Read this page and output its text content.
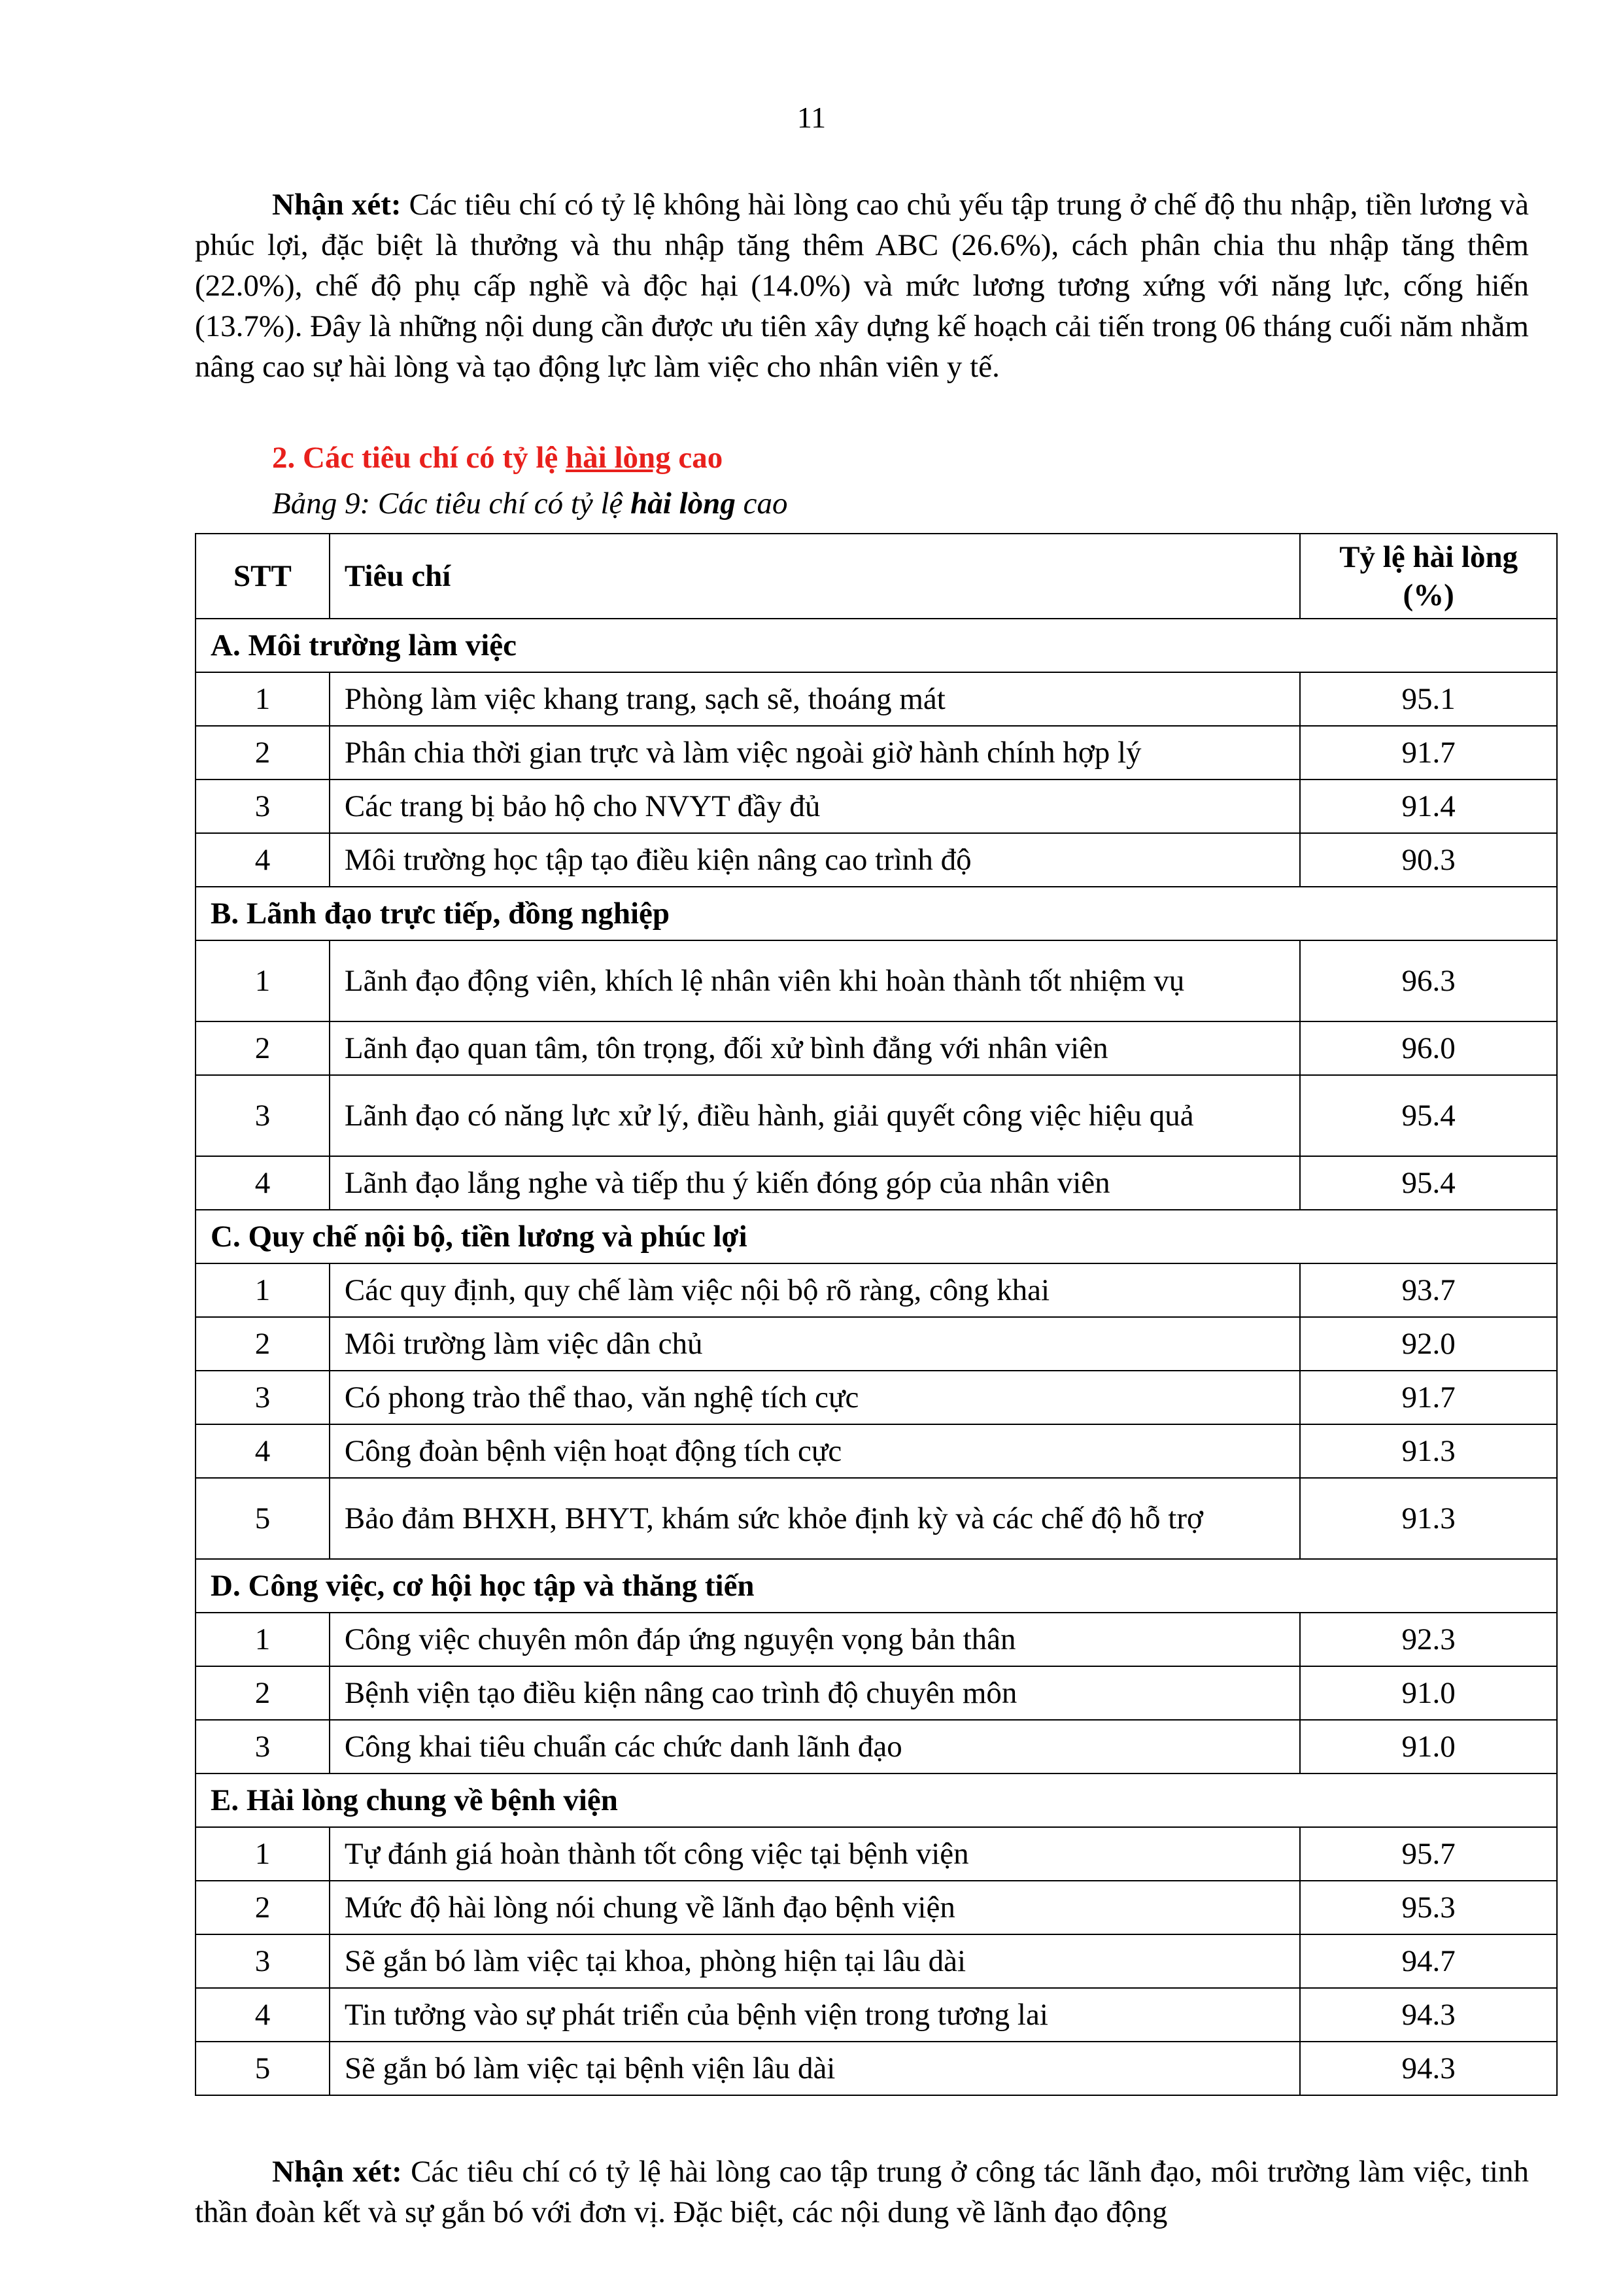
11

Nhận xét: Các tiêu chí có tỷ lệ không hài lòng cao chủ yếu tập trung ở chế độ thu nhập, tiền lương và phúc lợi, đặc biệt là thưởng và thu nhập tăng thêm ABC (26.6%), cách phân chia thu nhập tăng thêm (22.0%), chế độ phụ cấp nghề và độc hại (14.0%) và mức lương tương xứng với năng lực, cống hiến (13.7%). Đây là những nội dung cần được ưu tiên xây dựng kế hoạch cải tiến trong 06 tháng cuối năm nhằm nâng cao sự hài lòng và tạo động lực làm việc cho nhân viên y tế.

2. Các tiêu chí có tỷ lệ hài lòng cao
Bảng 9: Các tiêu chí có tỷ lệ hài lòng cao
STT	Tiêu chí	Tỷ lệ hài lòng (%)
A. Môi trường làm việc		
1	Phòng làm việc khang trang, sạch sẽ, thoáng mát	95.1
2	Phân chia thời gian trực và làm việc ngoài giờ hành chính hợp lý	91.7
3	Các trang bị bảo hộ cho NVYT đầy đủ	91.4
4	Môi trường học tập tạo điều kiện nâng cao trình độ	90.3
B. Lãnh đạo trực tiếp, đồng nghiệp		
1	Lãnh đạo động viên, khích lệ nhân viên khi hoàn thành tốt nhiệm vụ	96.3
2	Lãnh đạo quan tâm, tôn trọng, đối xử bình đẳng với nhân viên	96.0
3	Lãnh đạo có năng lực xử lý, điều hành, giải quyết công việc hiệu quả	95.4
4	Lãnh đạo lắng nghe và tiếp thu ý kiến đóng góp của nhân viên	95.4
C. Quy chế nội bộ, tiền lương và phúc lợi		
1	Các quy định, quy chế làm việc nội bộ rõ ràng, công khai	93.7
2	Môi trường làm việc dân chủ	92.0
3	Có phong trào thể thao, văn nghệ tích cực	91.7
4	Công đoàn bệnh viện hoạt động tích cực	91.3
5	Bảo đảm BHXH, BHYT, khám sức khỏe định kỳ và các chế độ hỗ trợ	91.3
D. Công việc, cơ hội học tập và thăng tiến		
1	Công việc chuyên môn đáp ứng nguyện vọng bản thân	92.3
2	Bệnh viện tạo điều kiện nâng cao trình độ chuyên môn	91.0
3	Công khai tiêu chuẩn các chức danh lãnh đạo	91.0
E. Hài lòng chung về bệnh viện		
1	Tự đánh giá hoàn thành tốt công việc tại bệnh viện	95.7
2	Mức độ hài lòng nói chung về lãnh đạo bệnh viện	95.3
3	Sẽ gắn bó làm việc tại khoa, phòng hiện tại lâu dài	94.7
4	Tin tưởng vào sự phát triển của bệnh viện trong tương lai	94.3
5	Sẽ gắn bó làm việc tại bệnh viện lâu dài	94.3

Nhận xét: Các tiêu chí có tỷ lệ hài lòng cao tập trung ở công tác lãnh đạo, môi trường làm việc, tinh thần đoàn kết và sự gắn bó với đơn vị. Đặc biệt, các nội dung về lãnh đạo động
